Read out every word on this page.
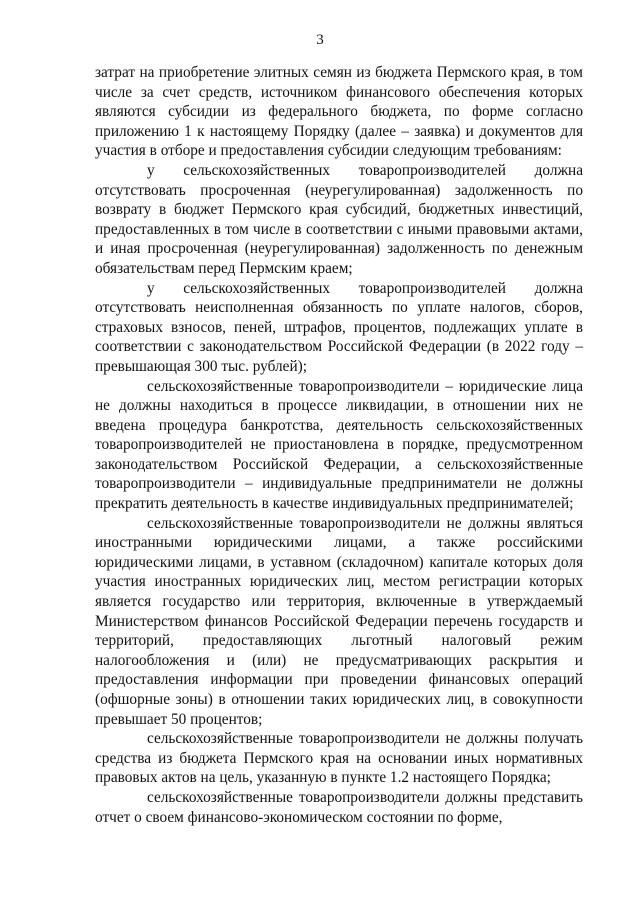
3

затрат на приобретение элитных семян из бюджета Пермского края, в том числе за счет средств, источником финансового обеспечения которых являются субсидии из федерального бюджета, по форме согласно приложению 1 к настоящему Порядку (далее – заявка) и документов для участия в отборе и предоставления субсидии следующим требованиям:

у сельскохозяйственных товаропроизводителей должна отсутствовать просроченная (неурегулированная) задолженность по возврату в бюджет Пермского края субсидий, бюджетных инвестиций, предоставленных в том числе в соответствии с иными правовыми актами, и иная просроченная (неурегулированная) задолженность по денежным обязательствам перед Пермским краем;

у сельскохозяйственных товаропроизводителей должна отсутствовать неисполненная обязанность по уплате налогов, сборов, страховых взносов, пеней, штрафов, процентов, подлежащих уплате в соответствии с законодательством Российской Федерации (в 2022 году – превышающая 300 тыс. рублей);

сельскохозяйственные товаропроизводители – юридические лица не должны находиться в процессе ликвидации, в отношении них не введена процедура банкротства, деятельность сельскохозяйственных товаропроизводителей не приостановлена в порядке, предусмотренном законодательством Российской Федерации, а сельскохозяйственные товаропроизводители – индивидуальные предприниматели не должны прекратить деятельность в качестве индивидуальных предпринимателей;

сельскохозяйственные товаропроизводители не должны являться иностранными юридическими лицами, а также российскими юридическими лицами, в уставном (складочном) капитале которых доля участия иностранных юридических лиц, местом регистрации которых является государство или территория, включенные в утверждаемый Министерством финансов Российской Федерации перечень государств и территорий, предоставляющих льготный налоговый режим налогообложения и (или) не предусматривающих раскрытия и предоставления информации при проведении финансовых операций (офшорные зоны) в отношении таких юридических лиц, в совокупности превышает 50 процентов;

сельскохозяйственные товаропроизводители не должны получать средства из бюджета Пермского края на основании иных нормативных правовых актов на цель, указанную в пункте 1.2 настоящего Порядка;

сельскохозяйственные товаропроизводители должны представить отчет о своем финансово-экономическом состоянии по форме,
